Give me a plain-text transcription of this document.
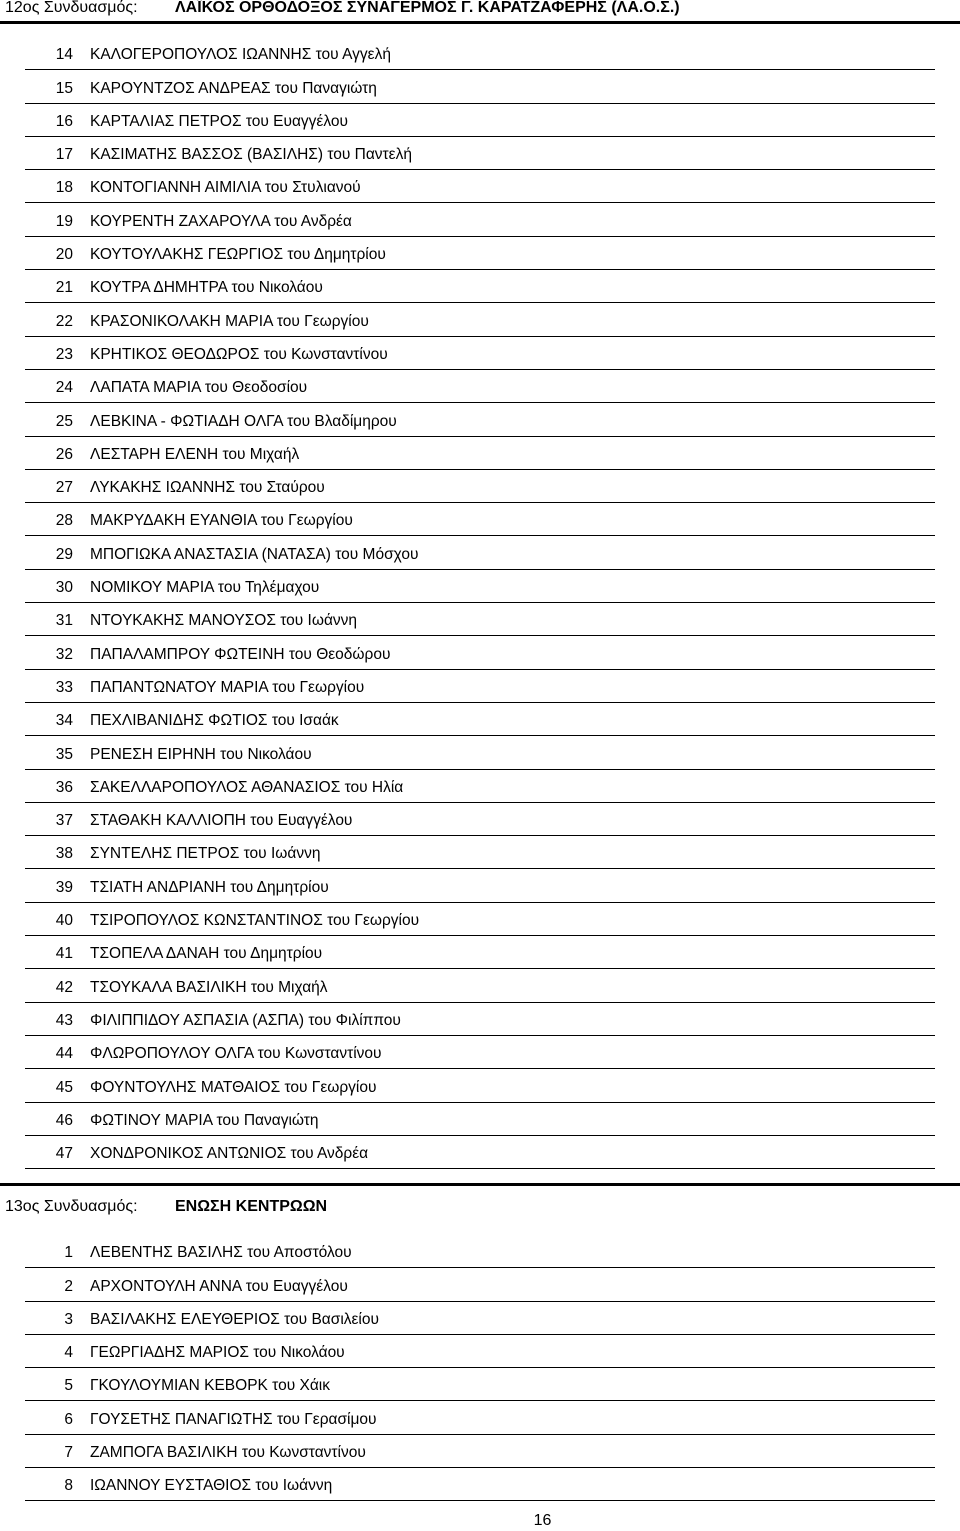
12ος Συνδυασμός: ΛΑΪΚΟΣ ΟΡΘΟΔΟΞΟΣ ΣΥΝΑΓΕΡΜΟΣ Γ. ΚΑΡΑΤΖΑΦΕΡΗΣ (ΛΑ.Ο.Σ.)
14 ΚΑΛΟΓΕΡΟΠΟΥΛΟΣ ΙΩΑΝΝΗΣ του Αγγελή
15 ΚΑΡΟΥΝΤΖΟΣ ΑΝΔΡΕΑΣ του Παναγιώτη
16 ΚΑΡΤΑΛΙΑΣ ΠΕΤΡΟΣ του Ευαγγέλου
17 ΚΑΣΙΜΑΤΗΣ ΒΑΣΣΟΣ (ΒΑΣΙΛΗΣ) του Παντελή
18 ΚΟΝΤΟΓΙΑΝΝΗ ΑΙΜΙΛΙΑ του Στυλιανού
19 ΚΟΥΡΕΝΤΗ ΖΑΧΑΡΟΥΛΑ του Ανδρέα
20 ΚΟΥΤΟΥΛΑΚΗΣ ΓΕΩΡΓΙΟΣ του Δημητρίου
21 ΚΟΥΤΡΑ ΔΗΜΗΤΡΑ του Νικολάου
22 ΚΡΑΣΟΝΙΚΟΛΑΚΗ ΜΑΡΙΑ του Γεωργίου
23 ΚΡΗΤΙΚΟΣ ΘΕΟΔΩΡΟΣ του Κωνσταντίνου
24 ΛΑΠΑΤΑ ΜΑΡΙΑ του Θεοδοσίου
25 ΛΕΒΚΙΝΑ - ΦΩΤΙΑΔΗ ΟΛΓΑ του Βλαδίμηρου
26 ΛΕΣΤΑΡΗ ΕΛΕΝΗ του Μιχαήλ
27 ΛΥΚΑΚΗΣ ΙΩΑΝΝΗΣ του Σταύρου
28 ΜΑΚΡΥΔΑΚΗ ΕΥΑΝΘΙΑ του Γεωργίου
29 ΜΠΟΓΙΩΚΑ ΑΝΑΣΤΑΣΙΑ (ΝΑΤΑΣΑ) του Μόσχου
30 ΝΟΜΙΚΟΥ ΜΑΡΙΑ του Τηλέμαχου
31 ΝΤΟΥΚΑΚΗΣ ΜΑΝΟΥΣΟΣ του Ιωάννη
32 ΠΑΠΑΛΑΜΠΡΟΥ ΦΩΤΕΙΝΗ του Θεοδώρου
33 ΠΑΠΑΝΤΩΝΑΤΟΥ ΜΑΡΙΑ του Γεωργίου
34 ΠΕΧΛΙΒΑΝΙΔΗΣ ΦΩΤΙΟΣ του Ισαάκ
35 ΡΕΝΕΣΗ ΕΙΡΗΝΗ του Νικολάου
36 ΣΑΚΕΛΛΑΡΟΠΟΥΛΟΣ ΑΘΑΝΑΣΙΟΣ του Ηλία
37 ΣΤΑΘΑΚΗ ΚΑΛΛΙΟΠΗ του Ευαγγέλου
38 ΣΥΝΤΕΛΗΣ ΠΕΤΡΟΣ του Ιωάννη
39 ΤΣΙΑΤΗ ΑΝΔΡΙΑΝΗ του Δημητρίου
40 ΤΣΙΡΟΠΟΥΛΟΣ ΚΩΝΣΤΑΝΤΙΝΟΣ του Γεωργίου
41 ΤΣΟΠΕΛΑ ΔΑΝΑΗ του Δημητρίου
42 ΤΣΟΥΚΑΛΑ ΒΑΣΙΛΙΚΗ του Μιχαήλ
43 ΦΙΛΙΠΠΙΔΟΥ ΑΣΠΑΣΙΑ (ΑΣΠΑ) του Φιλίππου
44 ΦΛΩΡΟΠΟΥΛΟΥ ΟΛΓΑ του Κωνσταντίνου
45 ΦΟΥΝΤΟΥΛΗΣ ΜΑΤΘΑΙΟΣ του Γεωργίου
46 ΦΩΤΙΝΟΥ ΜΑΡΙΑ του Παναγιώτη
47 ΧΟΝΔΡΟΝΙΚΟΣ ΑΝΤΩΝΙΟΣ του Ανδρέα
13ος Συνδυασμός: ΕΝΩΣΗ ΚΕΝΤΡΩΩΝ
1 ΛΕΒΕΝΤΗΣ ΒΑΣΙΛΗΣ του Αποστόλου
2 ΑΡΧΟΝΤΟΥΛΗ ΑΝΝΑ του Ευαγγέλου
3 ΒΑΣΙΛΑΚΗΣ ΕΛΕΥΘΕΡΙΟΣ του Βασιλείου
4 ΓΕΩΡΓΙΑΔΗΣ ΜΑΡΙΟΣ του Νικολάου
5 ΓΚΟΥΛΟΥΜΙΑΝ ΚΕΒΟΡΚ του Χάικ
6 ΓΟΥΣΕΤΗΣ ΠΑΝΑΓΙΩΤΗΣ του Γερασίμου
7 ΖΑΜΠΟΓΑ ΒΑΣΙΛΙΚΗ του Κωνσταντίνου
8 ΙΩΑΝΝΟΥ ΕΥΣΤΑΘΙΟΣ του Ιωάννη
16
